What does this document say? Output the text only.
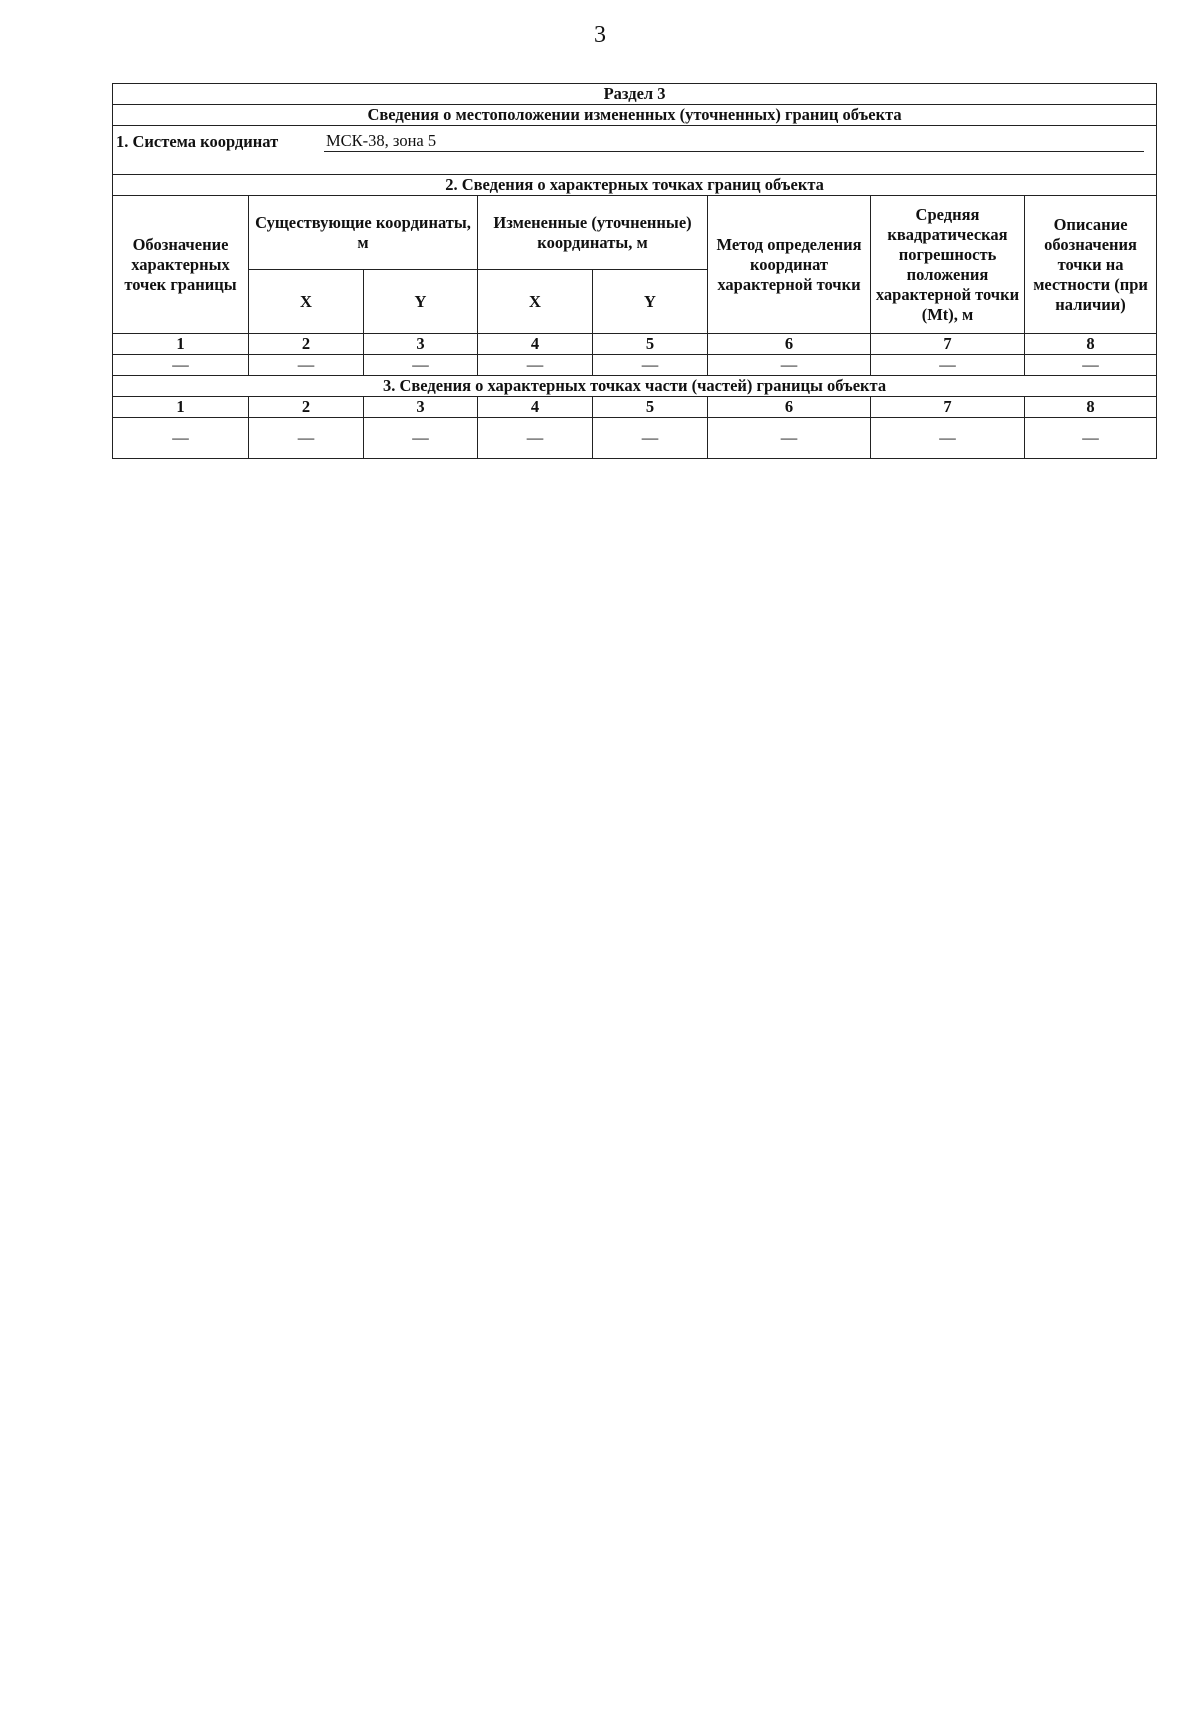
3
Раздел 3							
Сведения о местоположении измененных (уточненных) границ объекта							

1. Система координат МСК-38, зона 5							

2. Сведения о характерных точках границ объекта							
Обозначение характерных точек границы	Существующие координаты, м		Измененные (уточненные) координаты, м		Метод определения координат характерной точки	Средняя квадратическая погрешность положения характерной точки (Mt), м	Описание обозначения точки на местности (при наличии)
	X	Y	X	Y			
1	2	3	4	5	6	7	8
—	—	—	—	—	—	—	—
3. Сведения о характерных точках части (частей) границы объекта							
1	2	3	4	5	6	7	8
—	—	—	—	—	—	—	—
